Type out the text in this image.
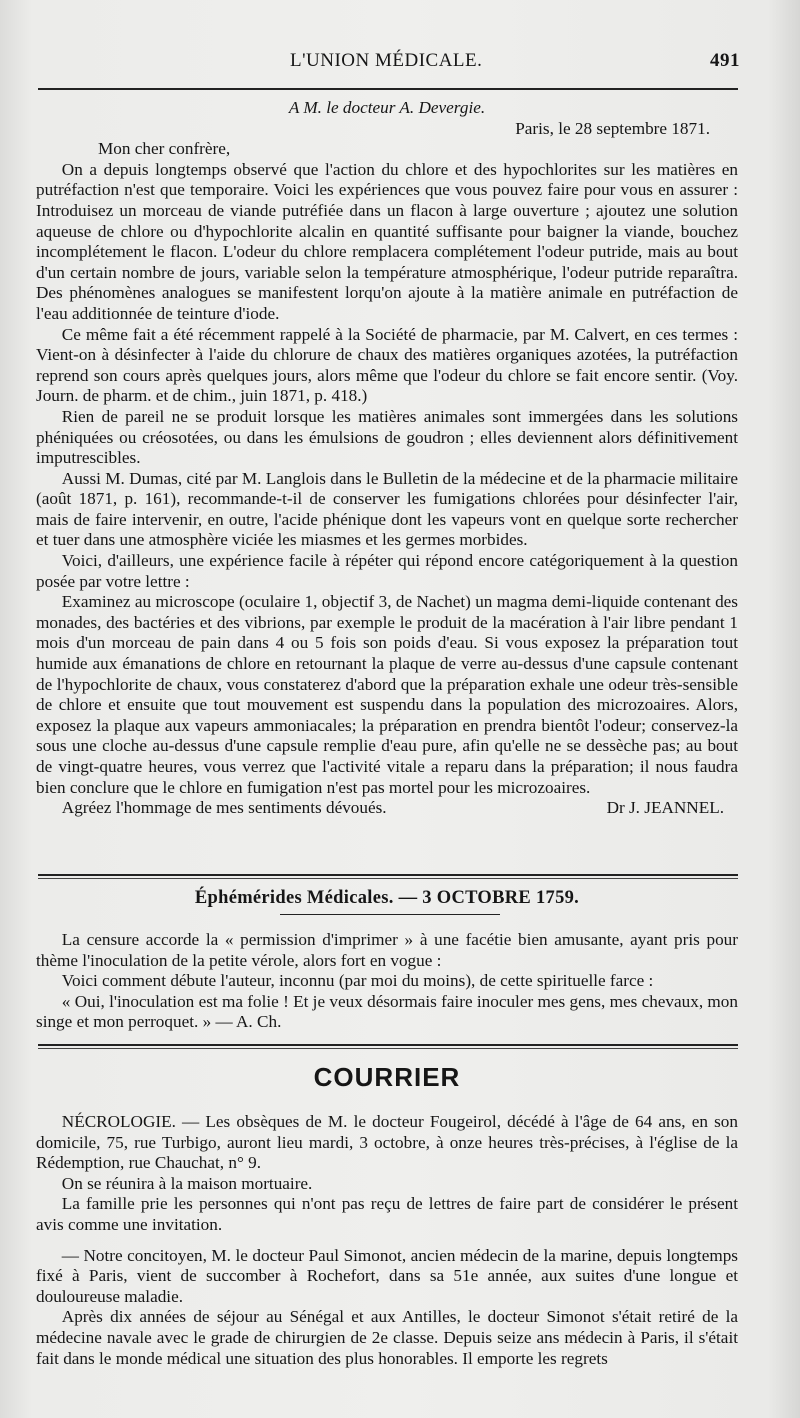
L'UNION MÉDICALE.	491

A M. le docteur A. Devergie.

Paris, le 28 septembre 1871.

Mon cher confrère,

On a depuis longtemps observé que l'action du chlore et des hypochlorites sur les matières en putréfaction n'est que temporaire. Voici les expériences que vous pouvez faire pour vous en assurer : Introduisez un morceau de viande putréfiée dans un flacon à large ouverture ; ajoutez une solution aqueuse de chlore ou d'hypochlorite alcalin en quantité suffisante pour baigner la viande, bouchez incomplétement le flacon. L'odeur du chlore remplacera complétement l'odeur putride, mais au bout d'un certain nombre de jours, variable selon la température atmosphérique, l'odeur putride reparaîtra. Des phénomènes analogues se manifestent lorqu'on ajoute à la matière animale en putréfaction de l'eau additionnée de teinture d'iode.

Ce même fait a été récemment rappelé à la Société de pharmacie, par M. Calvert, en ces termes : Vient-on à désinfecter à l'aide du chlorure de chaux des matières organiques azotées, la putréfaction reprend son cours après quelques jours, alors même que l'odeur du chlore se fait encore sentir. (Voy. Journ. de pharm. et de chim., juin 1871, p. 418.)

Rien de pareil ne se produit lorsque les matières animales sont immergées dans les solutions phéniquées ou créosotées, ou dans les émulsions de goudron ; elles deviennent alors définitivement imputrescibles.

Aussi M. Dumas, cité par M. Langlois dans le Bulletin de la médecine et de la pharmacie militaire (août 1871, p. 161), recommande-t-il de conserver les fumigations chlorées pour désinfecter l'air, mais de faire intervenir, en outre, l'acide phénique dont les vapeurs vont en quelque sorte rechercher et tuer dans une atmosphère viciée les miasmes et les germes morbides.

Voici, d'ailleurs, une expérience facile à répéter qui répond encore catégoriquement à la question posée par votre lettre :

Examinez au microscope (oculaire 1, objectif 3, de Nachet) un magma demi-liquide contenant des monades, des bactéries et des vibrions, par exemple le produit de la macération à l'air libre pendant 1 mois d'un morceau de pain dans 4 ou 5 fois son poids d'eau. Si vous exposez la préparation tout humide aux émanations de chlore en retournant la plaque de verre au-dessus d'une capsule contenant de l'hypochlorite de chaux, vous constaterez d'abord que la préparation exhale une odeur très-sensible de chlore et ensuite que tout mouvement est suspendu dans la population des microzoaires. Alors, exposez la plaque aux vapeurs ammoniacales; la préparation en prendra bientôt l'odeur; conservez-la sous une cloche au-dessus d'une capsule remplie d'eau pure, afin qu'elle ne se dessèche pas; au bout de vingt-quatre heures, vous verrez que l'activité vitale a reparu dans la préparation; il nous faudra bien conclure que le chlore en fumigation n'est pas mortel pour les microzoaires.

Agréez l'hommage de mes sentiments dévoués.	Dr J. JEANNEL.
Éphémérides Médicales. — 3 OCTOBRE 1759.

La censure accorde la « permission d'imprimer » à une facétie bien amusante, ayant pris pour thème l'inoculation de la petite vérole, alors fort en vogue :

Voici comment débute l'auteur, inconnu (par moi du moins), de cette spirituelle farce :

« Oui, l'inoculation est ma folie ! Et je veux désormais faire inoculer mes gens, mes chevaux, mon singe et mon perroquet. » — A. Ch.

COURRIER

NÉCROLOGIE. — Les obsèques de M. le docteur Fougeirol, décédé à l'âge de 64 ans, en son domicile, 75, rue Turbigo, auront lieu mardi, 3 octobre, à onze heures très-précises, à l'église de la Rédemption, rue Chauchat, n° 9.

On se réunira à la maison mortuaire.

La famille prie les personnes qui n'ont pas reçu de lettres de faire part de considérer le présent avis comme une invitation.

— Notre concitoyen, M. le docteur Paul Simonot, ancien médecin de la marine, depuis longtemps fixé à Paris, vient de succomber à Rochefort, dans sa 51e année, aux suites d'une longue et douloureuse maladie.

Après dix années de séjour au Sénégal et aux Antilles, le docteur Simonot s'était retiré de la médecine navale avec le grade de chirurgien de 2e classe. Depuis seize ans médecin à Paris, il s'était fait dans le monde médical une situation des plus honorables. Il emporte les regrets
